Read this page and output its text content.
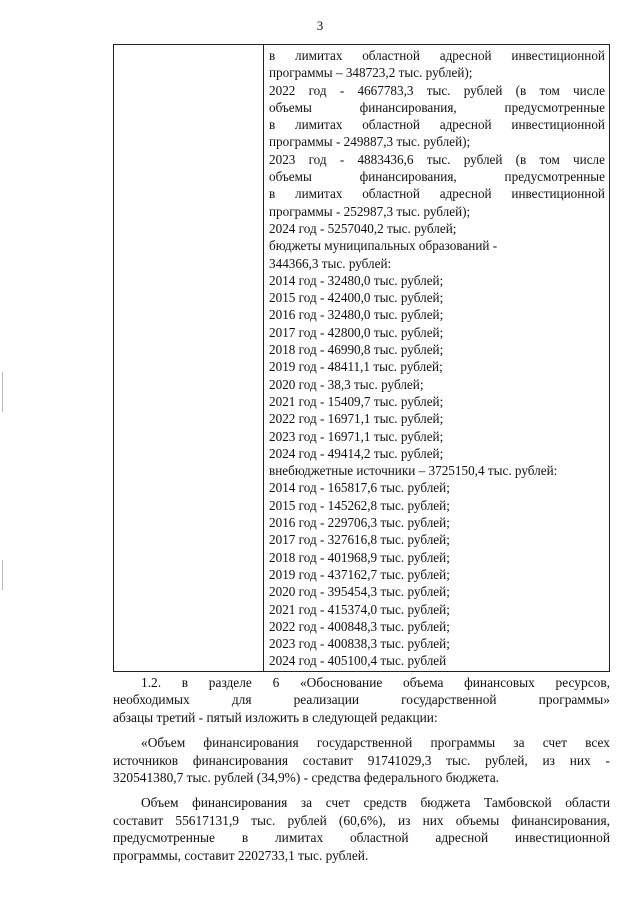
3
в лимитах областной адресной инвестиционной
программы – 348723,2 тыс. рублей);
2022 год - 4667783,3 тыс. рублей (в том числе
объемы финансирования, предусмотренные
в лимитах областной адресной инвестиционной
программы - 249887,3 тыс. рублей);
2023 год - 4883436,6 тыс. рублей (в том числе
объемы финансирования, предусмотренные
в лимитах областной адресной инвестиционной
программы - 252987,3 тыс. рублей);
2024 год - 5257040,2 тыс. рублей;
бюджеты муниципальных образований -
344366,3 тыс. рублей:
2014 год - 32480,0 тыс. рублей;
2015 год - 42400,0 тыс. рублей;
2016 год - 32480,0 тыс. рублей;
2017 год - 42800,0 тыс. рублей;
2018 год - 46990,8 тыс. рублей;
2019 год - 48411,1 тыс. рублей;
2020 год - 38,3 тыс. рублей;
2021 год - 15409,7 тыс. рублей;
2022 год - 16971,1 тыс. рублей;
2023 год - 16971,1 тыс. рублей;
2024 год - 49414,2 тыс. рублей;
внебюджетные источники – 3725150,4 тыс. рублей:
2014 год - 165817,6 тыс. рублей;
2015 год - 145262,8 тыс. рублей;
2016 год - 229706,3 тыс. рублей;
2017 год - 327616,8 тыс. рублей;
2018 год - 401968,9 тыс. рублей;
2019 год - 437162,7 тыс. рублей;
2020 год - 395454,3 тыс. рублей;
2021 год - 415374,0 тыс. рублей;
2022 год - 400848,3 тыс. рублей;
2023 год - 400838,3 тыс. рублей;
2024 год - 405100,4 тыс. рублей
1.2. в разделе 6 «Обоснование объема финансовых ресурсов,
необходимых для реализации государственной программы»
абзацы третий - пятый изложить в следующей редакции:
«Объем финансирования государственной программы за счет всех
источников финансирования составит 91741029,3 тыс. рублей, из них -
320541380,7 тыс. рублей (34,9%) - средства федерального бюджета.
Объем финансирования за счет средств бюджета Тамбовской области
составит 55617131,9 тыс. рублей (60,6%), из них объемы финансирования,
предусмотренные в лимитах областной адресной инвестиционной
программы, составит 2202733,1 тыс. рублей.
